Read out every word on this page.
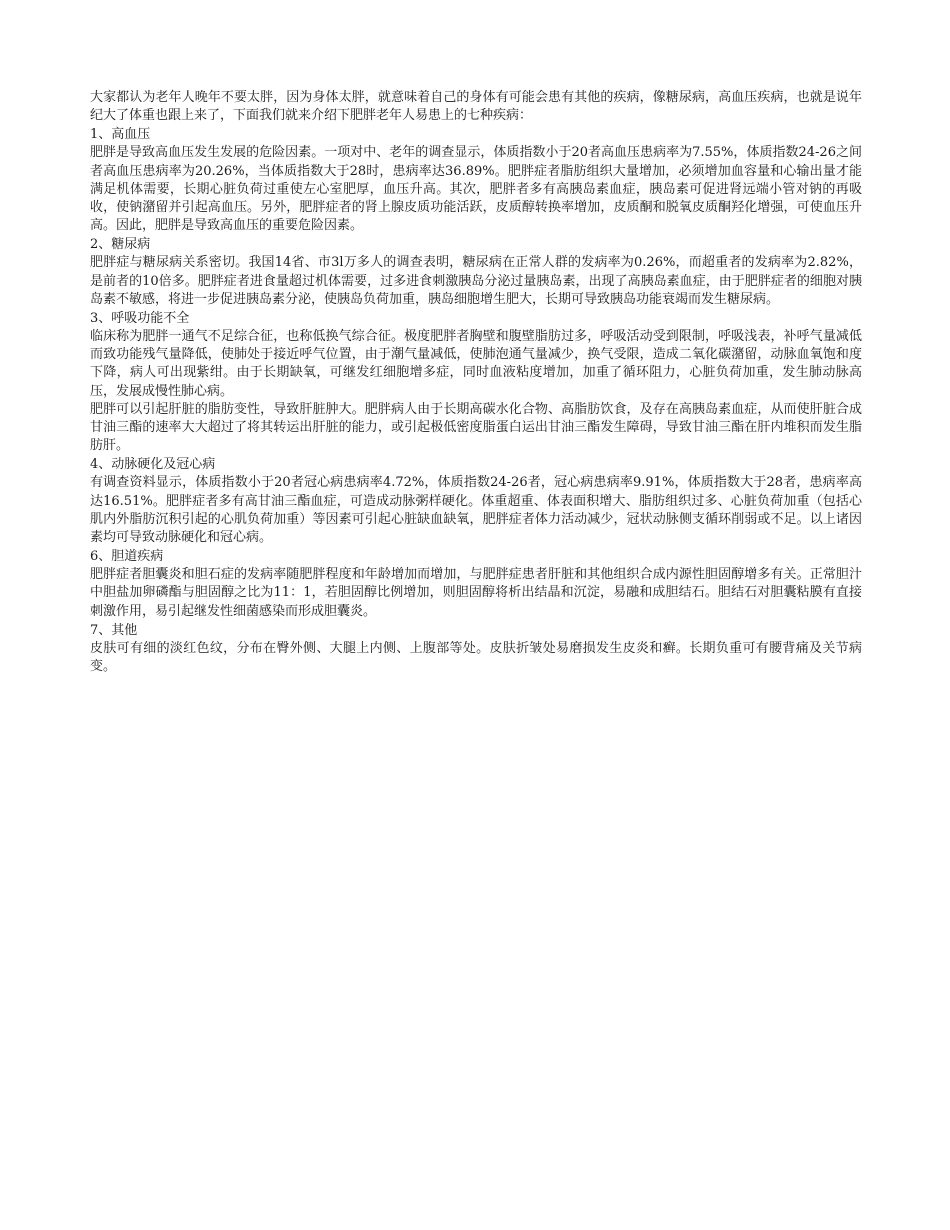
大家都认为老年人晚年不要太胖，因为身体太胖，就意味着自己的身体有可能会患有其他的疾病，像糖尿病，高血压疾病，也就是说年纪大了体重也跟上来了，下面我们就来介绍下肥胖老年人易患上的七种疾病：

1、高血压

肥胖是导致高血压发生发展的危险因素。一项对中、老年的调查显示，体质指数小于20者高血压患病率为7.55%，体质指数24-26之间者高血压患病率为20.26%，当体质指数大于28时，患病率达36.89%。肥胖症者脂肪组织大量增加，必须增加血容量和心输出量才能满足机体需要，长期心脏负荷过重使左心室肥厚，血压升高。其次，肥胖者多有高胰岛素血症，胰岛素可促进肾远端小管对钠的再吸收，使钠潴留并引起高血压。另外，肥胖症者的肾上腺皮质功能活跃，皮质醇转换率增加，皮质酮和脱氧皮质酮羟化增强，可使血压升高。因此，肥胖是导致高血压的重要危险因素。

2、糖尿病

肥胖症与糖尿病关系密切。我国14省、市3l万多人的调查表明，糖尿病在正常人群的发病率为0.26%，而超重者的发病率为2.82%，是前者的10倍多。肥胖症者进食量超过机体需要，过多进食刺激胰岛分泌过量胰岛素，出现了高胰岛素血症，由于肥胖症者的细胞对胰岛素不敏感，将进一步促进胰岛素分泌，使胰岛负荷加重，胰岛细胞增生肥大，长期可导致胰岛功能衰竭而发生糖尿病。

3、呼吸功能不全

临床称为肥胖一通气不足综合征，也称低换气综合征。极度肥胖者胸壁和腹壁脂肪过多，呼吸活动受到限制，呼吸浅表，补呼气量减低而致功能残气量降低，使肺处于接近呼气位置，由于潮气量减低，使肺泡通气量减少，换气受限，造成二氧化碳潴留，动脉血氧饱和度下降，病人可出现紫绀。由于长期缺氧，可继发红细胞增多症，同时血液粘度增加，加重了循环阻力，心脏负荷加重，发生肺动脉高压，发展成慢性肺心病。

肥胖可以引起肝脏的脂肪变性，导致肝脏肿大。肥胖病人由于长期高碳水化合物、高脂肪饮食，及存在高胰岛素血症，从而使肝脏合成甘油三酯的速率大大超过了将其转运出肝脏的能力，或引起极低密度脂蛋白运出甘油三酯发生障碍，导致甘油三酯在肝内堆积而发生脂肪肝。

4、动脉硬化及冠心病

有调查资料显示，体质指数小于20者冠心病患病率4.72%，体质指数24-26者，冠心病患病率9.91%，体质指数大于28者，患病率高达16.51%。肥胖症者多有高甘油三酯血症，可造成动脉粥样硬化。体重超重、体表面积增大、脂肪组织过多、心脏负荷加重（包括心肌内外脂肪沉积引起的心肌负荷加重）等因素可引起心脏缺血缺氧，肥胖症者体力活动减少，冠状动脉侧支循环削弱或不足。以上诸因素均可导致动脉硬化和冠心病。

6、胆道疾病

肥胖症者胆囊炎和胆石症的发病率随肥胖程度和年龄增加而增加，与肥胖症患者肝脏和其他组织合成内源性胆固醇增多有关。正常胆汁中胆盐加卵磷酯与胆固醇之比为11：1，若胆固醇比例增加，则胆固醇将析出结晶和沉淀，易融和成胆结石。胆结石对胆囊粘膜有直接刺激作用，易引起继发性细菌感染而形成胆囊炎。

7、其他

皮肤可有细的淡红色纹，分布在臀外侧、大腿上内侧、上腹部等处。皮肤折皱处易磨损发生皮炎和癣。长期负重可有腰背痛及关节病变。
